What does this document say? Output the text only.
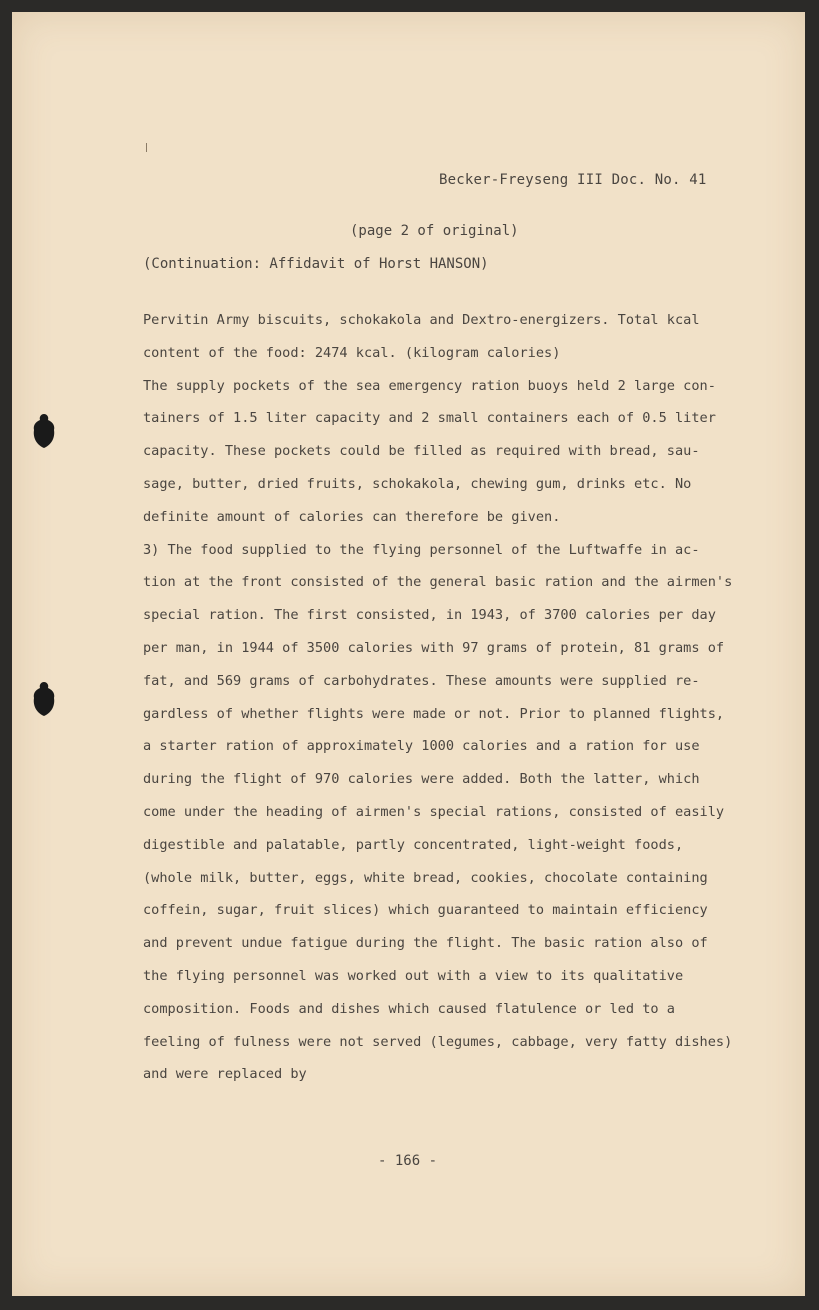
Becker-Freyseng III Doc. No. 41
(page 2 of original)
(Continuation: Affidavit of Horst HANSON)
Pervitin Army biscuits, schokakola and Dextro-energizers. Total kcal
content of the food: 2474 kcal. (kilogram calories)
The supply pockets of the sea emergency ration buoys held 2 large con-
tainers of 1.5 liter capacity and 2 small containers each of 0.5 liter
capacity. These pockets could be filled as required with bread, sau-
sage, butter, dried fruits, schokakola, chewing gum, drinks etc. No
definite amount of calories can therefore be given.
3) The food supplied to the flying personnel of the Luftwaffe in ac-
tion at the front consisted of the general basic ration and the airmen's
special ration. The first consisted, in 1943, of 3700 calories per day
per man, in 1944 of 3500 calories with 97 grams of protein, 81 grams of
fat, and 569 grams of carbohydrates. These amounts were supplied re-
gardless of whether flights were made or not. Prior to planned flights,
a starter ration of approximately 1000 calories and a ration for use
during the flight of 970 calories were added. Both the latter, which
come under the heading of airmen's special rations, consisted of easily
digestible and palatable, partly concentrated, light-weight foods,
(whole milk, butter, eggs, white bread, cookies, chocolate containing
coffein, sugar, fruit slices) which guaranteed to maintain efficiency
and prevent undue fatigue during the flight. The basic ration also of
the flying personnel was worked out with a view to its qualitative
composition. Foods and dishes which caused flatulence or led to a
feeling of fulness were not served (legumes, cabbage, very fatty dishes)
and were replaced by
- 166 -
